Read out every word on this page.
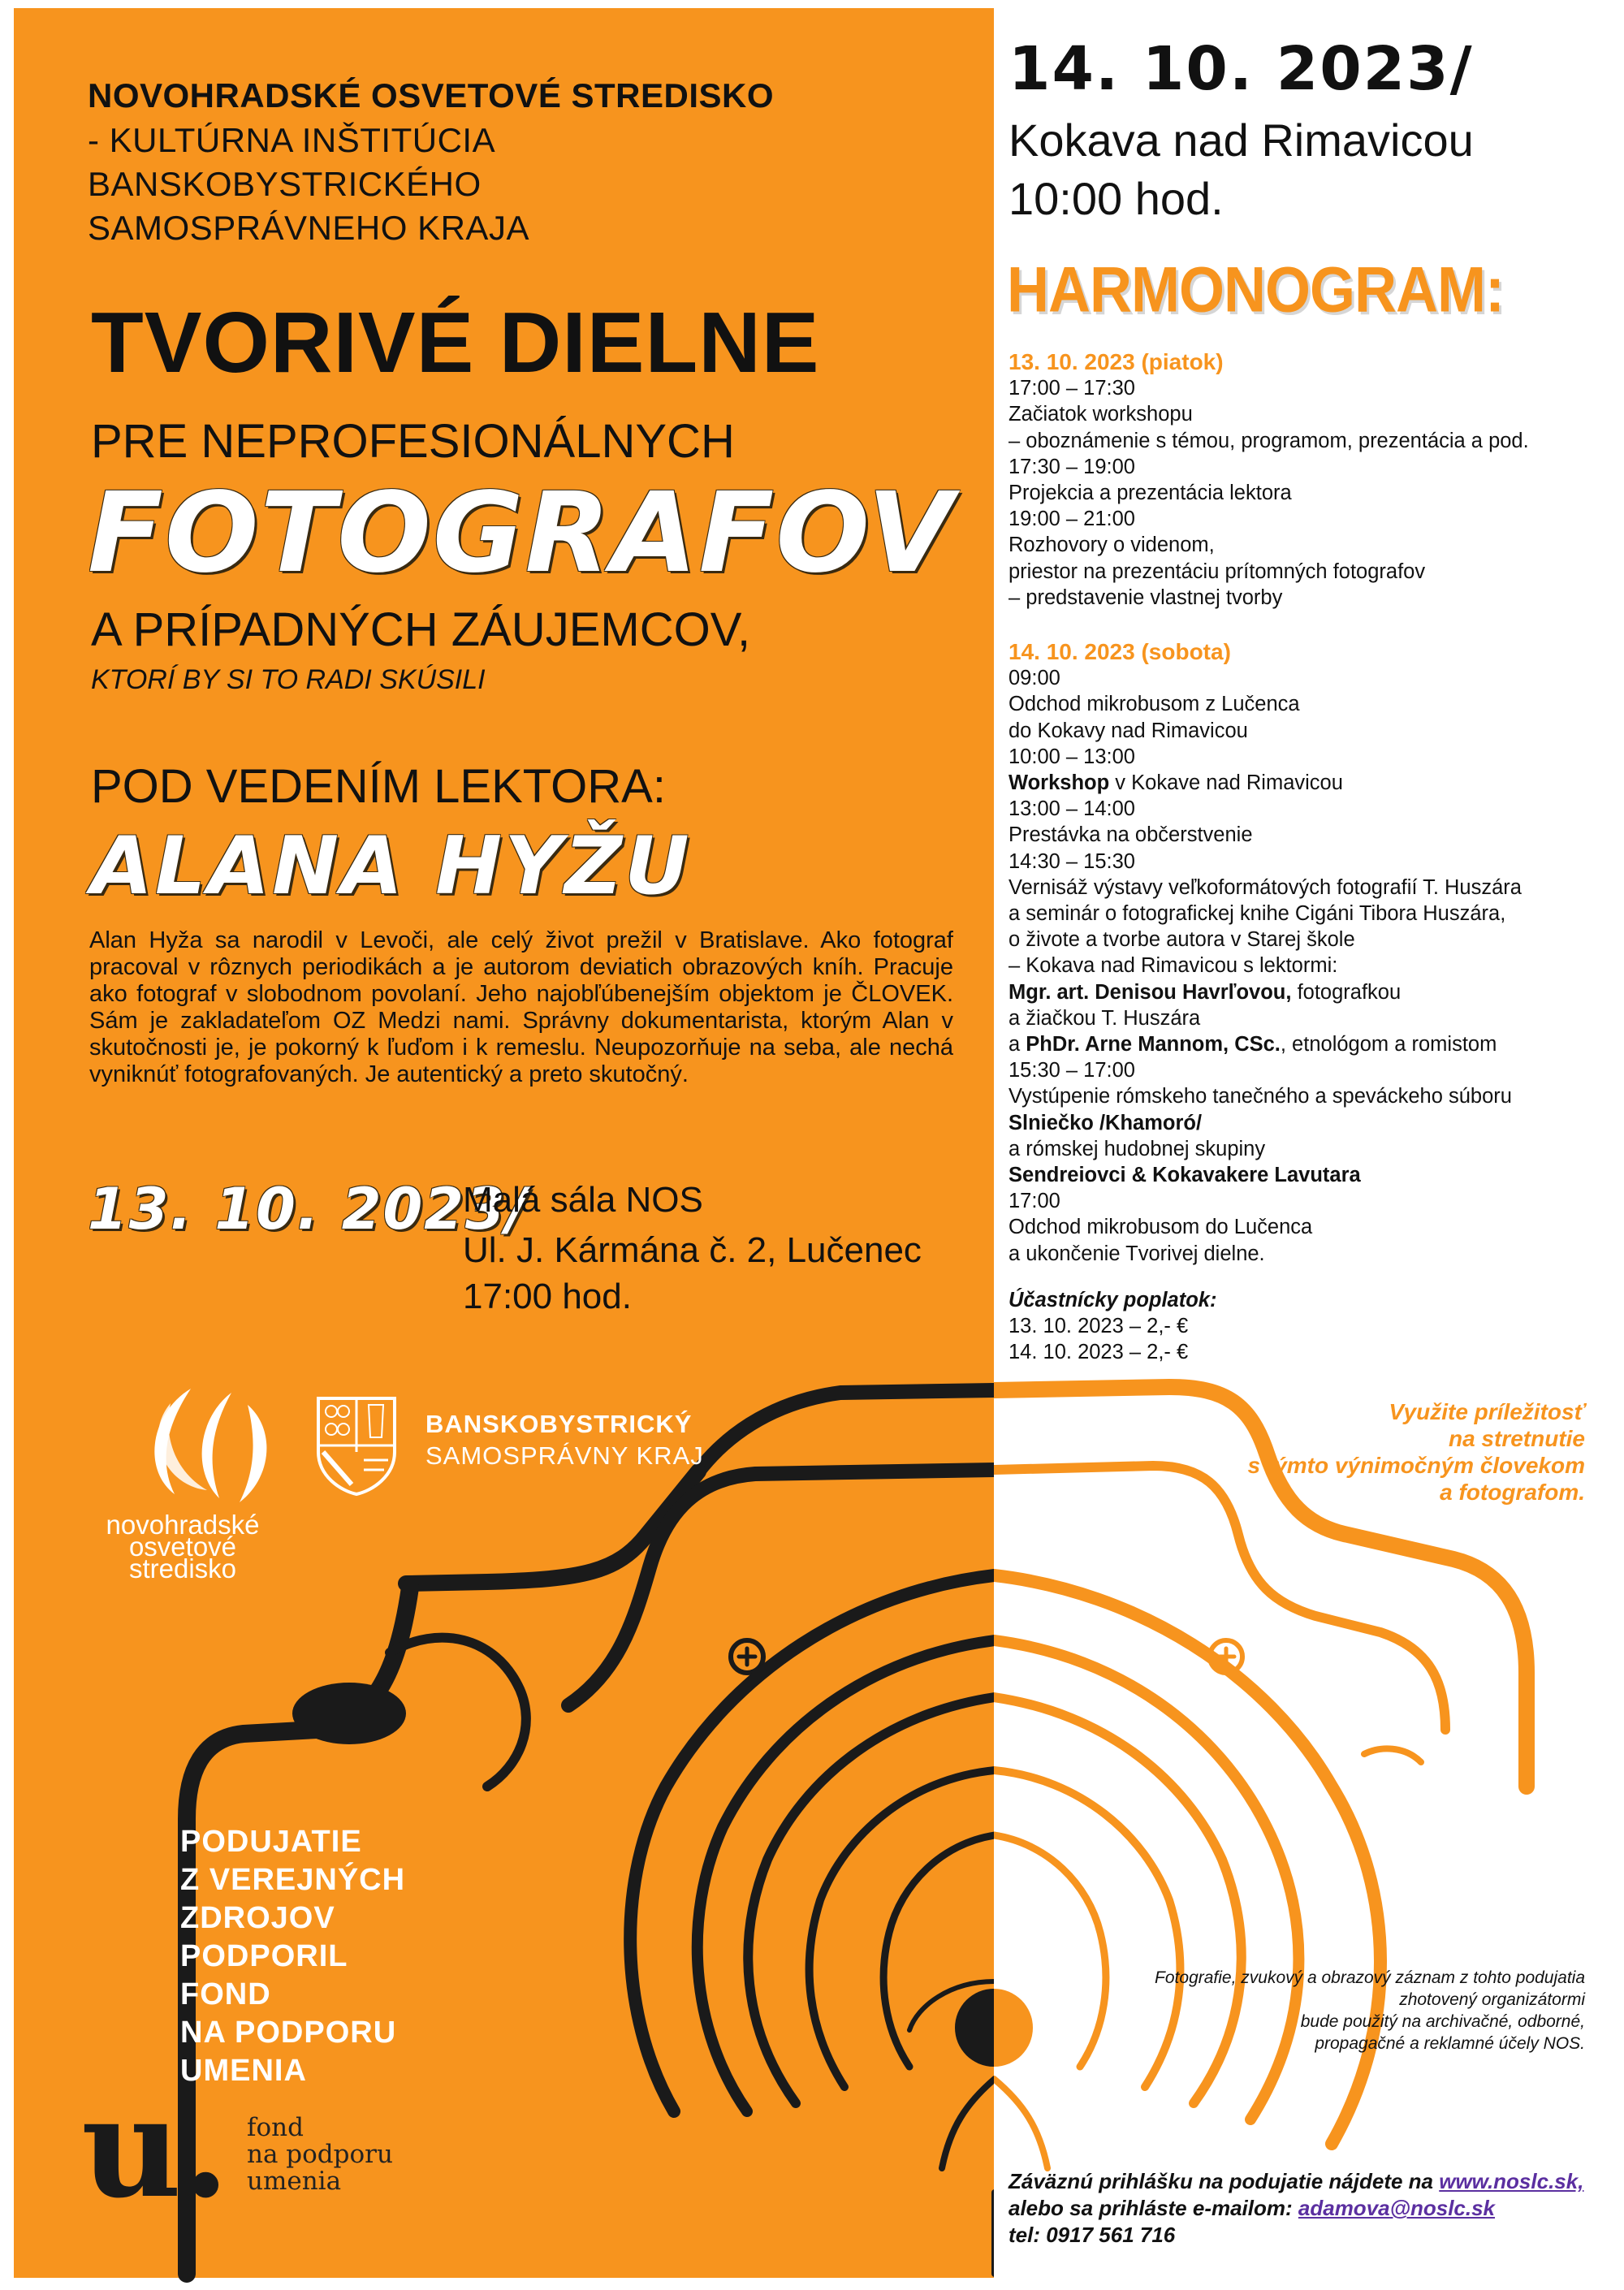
NOVOHRADSKÉ OSVETOVÉ STREDISKO
- KULTÚRNA INŠTITÚCIA
BANSKOBYSTRICKÉHO
SAMOSPRÁVNEHO KRAJA
TVORIVÉ DIELNE
PRE NEPROFESIONÁLNYCH
FOTOGRAFOV
A PRÍPADNÝCH ZÁUJEMCOV,
KTORÍ BY SI TO RADI SKÚSILI
POD VEDENÍM LEKTORA:
ALANA HYŽU
Alan Hyža sa narodil v Levoči, ale celý život prežil v Bratislave. Ako fotograf pracoval v rôznych periodikách a je autorom deviatich obrazových kníh. Pracuje ako fotograf v slobodnom povolaní. Jeho najobľúbenejším objektom je ČLOVEK. Sám je zakladateľom OZ Medzi nami. Správny dokumentarista, ktorým Alan v skutočnosti je, je pokorný k ľuďom i k remeslu. Neupozorňuje na seba, ale nechá vyniknúť fotografovaných. Je autentický a preto skutočný.
13. 10. 2023/
Malá sála NOS
Ul. J. Kármána č. 2, Lučenec
17:00 hod.
14. 10. 2023/
Kokava nad Rimavicou
10:00 hod.
HARMONOGRAM:
13. 10. 2023 (piatok)
17:00 – 17:30
Začiatok workshopu
– oboznámenie s témou, programom, prezentácia a pod.
17:30 – 19:00
Projekcia a prezentácia lektora
19:00 – 21:00
Rozhovory o videnom,
priestor na prezentáciu prítomných fotografov
– predstavenie vlastnej tvorby
14. 10. 2023 (sobota)
09:00
Odchod mikrobusom z Lučenca
do Kokavy nad Rimavicou
10:00 – 13:00
Workshop v Kokave nad Rimavicou
13:00 – 14:00
Prestávka na občerstvenie
14:30 – 15:30
Vernisáž výstavy veľkoformátových fotografií T. Huszára
a seminár o fotografickej knihe Cigáni Tibora Huszára,
o živote a tvorbe autora v Starej škole
– Kokava nad Rimavicou s lektormi:
Mgr. art. Denisou Havrľovou, fotografkou
a žiačkou T. Huszára
a PhDr. Arne Mannom, CSc., etnológom a romistom
15:30 – 17:00
Vystúpenie rómskeho tanečného a speváckeho súboru
Slniečko /Khamoró/
a rómskej hudobnej skupiny
Sendreiovci & Kokavakere Lavutara
17:00
Odchod mikrobusom do Lučenca
a ukončenie Tvorivej dielne.
Účastnícky poplatok:
13. 10. 2023 – 2,- €
14. 10. 2023 – 2,- €
Využite príležitosť
na stretnutie
s týmto výnimočným človekom
a fotografom.
novohradské
osvetové
stredisko
BANSKOBYSTRICKÝ
SAMOSPRÁVNY KRAJ
PODUJATIE
Z VEREJNÝCH
ZDROJOV
PODPORIL
FOND
NA PODPORU
UMENIA
u. fond
na podporu
umenia
Fotografie, zvukový a obrazový záznam z tohto podujatia
zhotovený organizátormi
bude použitý na archivačné, odborné,
propagačné a reklamné účely NOS.
Záväznú prihlášku na podujatie nájdete na www.noslc.sk,
alebo sa prihláste e-mailom: adamova@noslc.sk
tel: 0917 561 716
